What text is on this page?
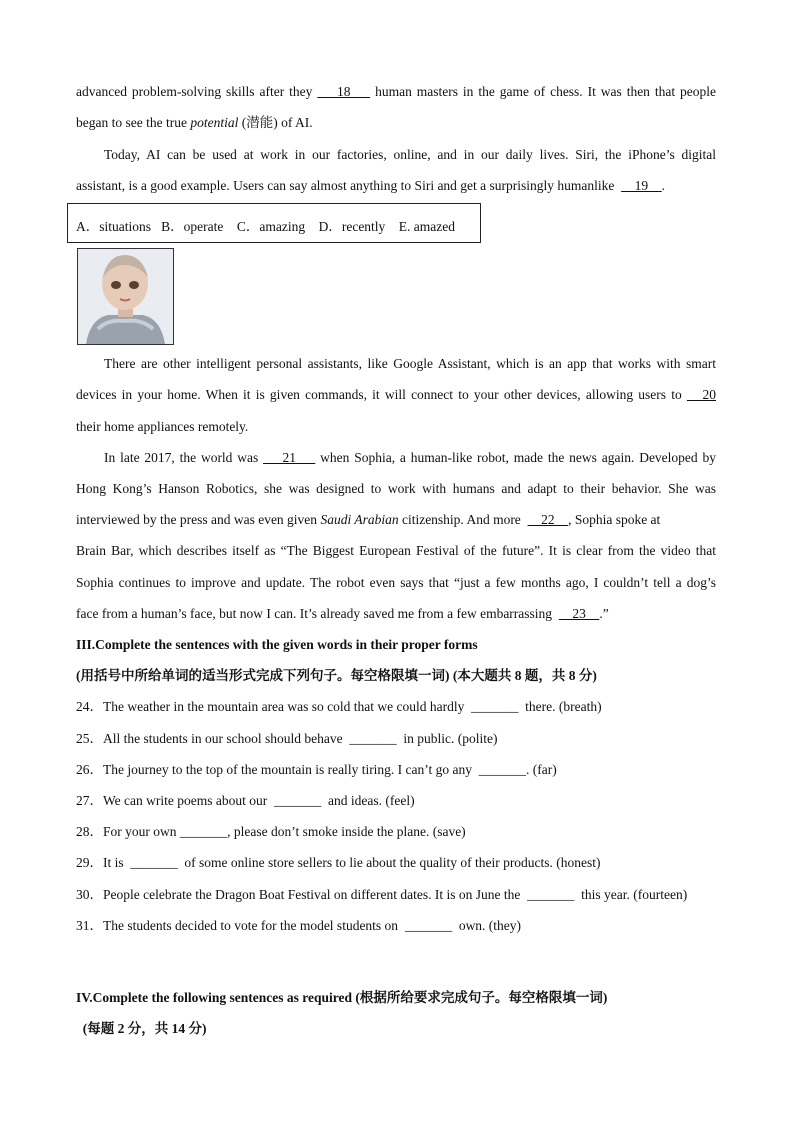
advanced problem-solving skills after they     18     human masters in the game of chess. It was then that people
began to see the true potential (潜能) of AI.
Today, AI can be used at work in our factories, online, and in our daily lives. Siri, the iPhone’s digital
assistant, is a good example. Users can say almost anything to Siri and get a surprisingly humanlike      19    .
There are other intelligent personal assistants, like Google Assistant, which is an app that works with smart
devices in your home. When it is given commands, it will connect to your other devices, allowing users to    20
their home appliances remotely.
In late 2017, the world was     21     when Sophia, a human-like robot, made the news again. Developed by
Hong Kong’s Hanson Robotics, she was designed to work with humans and adapt to their behavior. She was
interviewed by the press and was even given Saudi Arabian citizenship. And more      22    , Sophia spoke at
Brain Bar, which describes itself as “The Biggest European Festival of the future”. It is clear from the video that
Sophia continues to improve and update. The robot even says that “just a few months ago, I couldn’t tell a dog’s
face from a human’s face, but now I can. It’s already saved me from a few embarrassing      23    .”
III.Complete the sentences with the given words in their proper forms
(用括号中所给单词的适当形式完成下列句子。每空格限填一词) (本大题共 8 题，共 8 分)
24．The weather in the mountain area was so cold that we could hardly  _______  there. (breath)
25．All the students in our school should behave  _______  in public. (polite)
26．The journey to the top of the mountain is really tiring. I can’t go any  _______. (far)
27．We can write poems about our  _______  and ideas. (feel)
28．For your own _______, please don’t smoke inside the plane. (save)
29．It is  _______  of some online store sellers to lie about the quality of their products. (honest)
30．People celebrate the Dragon Boat Festival on different dates. It is on June the  _______  this year. (fourteen)
31．The students decided to vote for the model students on  _______  own. (they)
IV.Complete the following sentences as required (根据所给要求完成句子。每空格限填一词)
(每题 2 分，共 14 分)
A．situations   B．operate    C．amazing    D．recently    E. amazed
